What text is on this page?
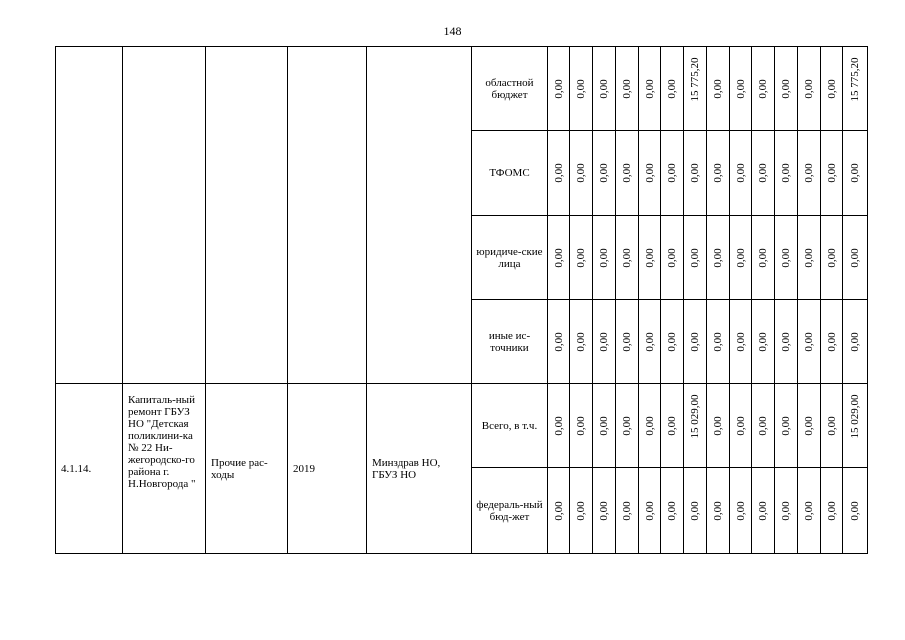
148
					областной бюджет	0,00	0,00	0,00	0,00	0,00	0,00	15 775,20	0,00	0,00	0,00	0,00	0,00	0,00	15 775,20

					ТФОМС	0,00	0,00	0,00	0,00	0,00	0,00	0,00	0,00	0,00	0,00	0,00	0,00	0,00	0,00

					юридиче-ские лица	0,00	0,00	0,00	0,00	0,00	0,00	0,00	0,00	0,00	0,00	0,00	0,00	0,00	0,00

					иные ис-точники	0,00	0,00	0,00	0,00	0,00	0,00	0,00	0,00	0,00	0,00	0,00	0,00	0,00	0,00

4.1.14.	Капиталь-ный ремонт ГБУЗ НО "Детская поликлини-ка № 22 Ни-жегородско-го района г. Н.Новгорода "	Прочие рас-ходы	2019	Минздрав НО, ГБУЗ НО	Всего, в т.ч.	0,00	0,00	0,00	0,00	0,00	0,00	15 029,00	0,00	0,00	0,00	0,00	0,00	0,00	15 029,00

					федераль-ный бюд-жет	0,00	0,00	0,00	0,00	0,00	0,00	0,00	0,00	0,00	0,00	0,00	0,00	0,00	0,00
